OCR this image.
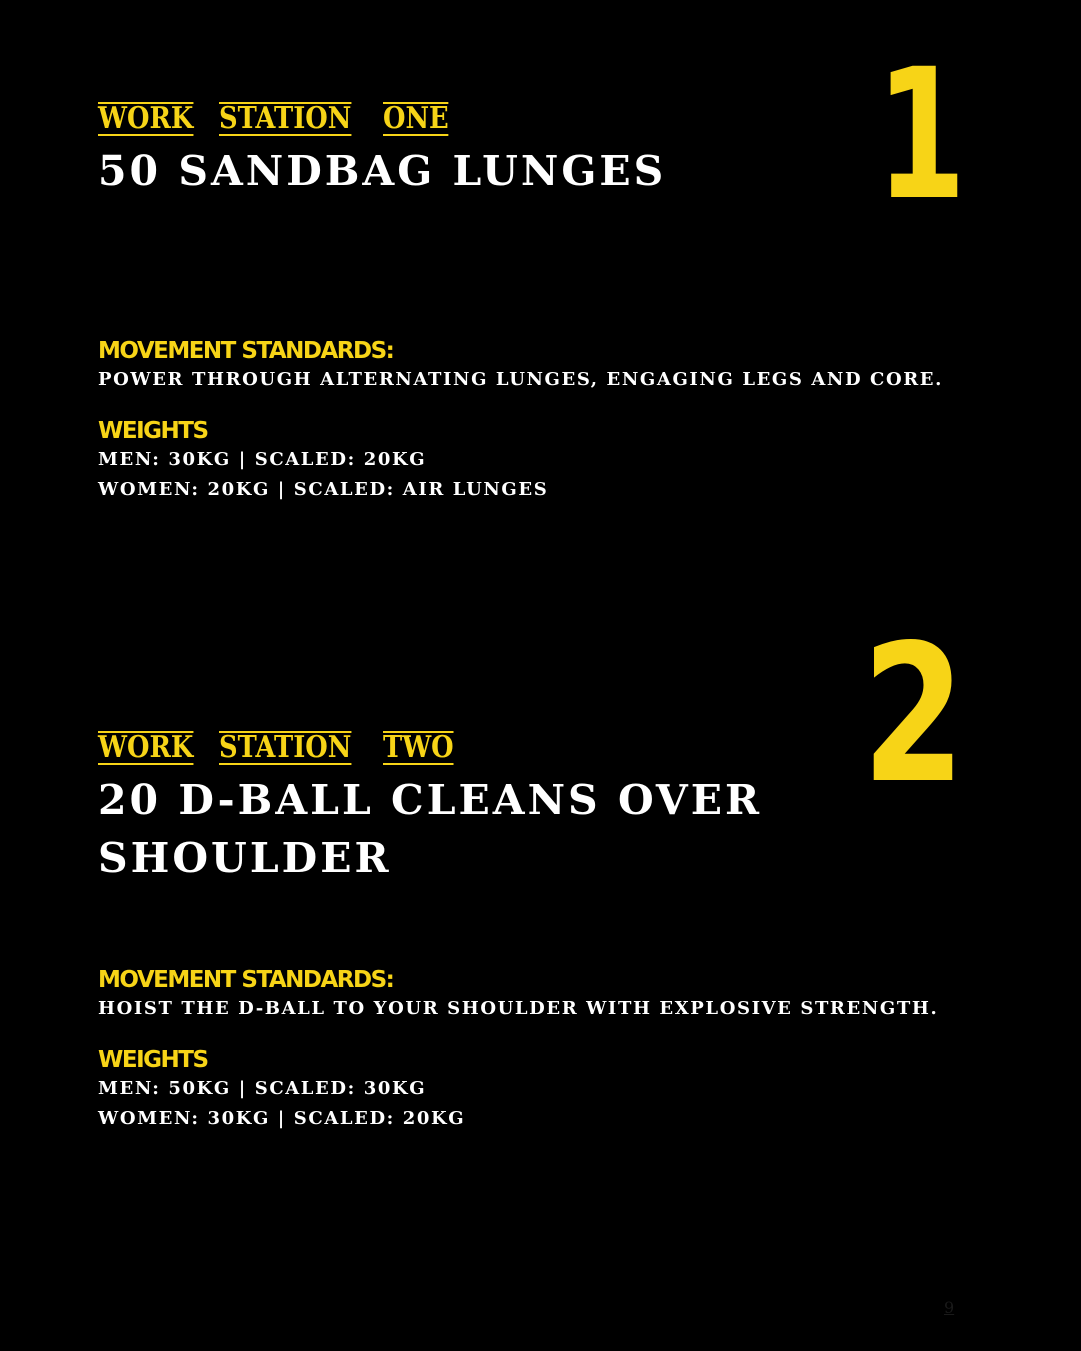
WORK STATION ONE
50 SANDBAG LUNGES
MOVEMENT STANDARDS:

POWER THROUGH ALTERNATING LUNGES, ENGAGING LEGS AND CORE.

WEIGHTS

MEN: 30KG | SCALED: 20KG

WOMEN: 20KG | SCALED: AIR LUNGES

1
WORK STATION TWO
20 D-BALL CLEANS OVER SHOULDER
MOVEMENT STANDARDS:

HOIST THE D-BALL TO YOUR SHOULDER WITH EXPLOSIVE STRENGTH.

WEIGHTS

MEN: 50KG | SCALED: 30KG

WOMEN: 30KG | SCALED: 20KG

2
9
